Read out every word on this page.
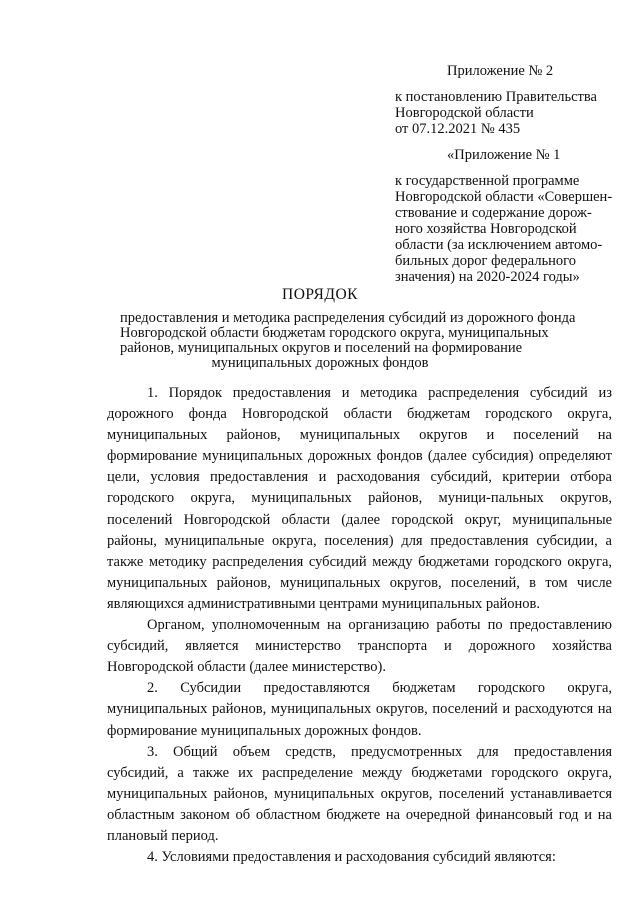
Приложение № 2
к постановлению Правительства
Новгородской области
от 07.12.2021 № 435
«Приложение № 1
к государственной программе
Новгородской области «Совершен-
ствование и содержание дорож-
ного хозяйства Новгородской
области (за исключением автомо-
бильных дорог федерального
значения) на 2020-2024 годы»
ПОРЯДОК
предоставления и методика распределения субсидий из дорожного фонда
Новгородской области бюджетам городского округа, муниципальных
районов, муниципальных округов и поселений на формирование
муниципальных дорожных фондов

1. Порядок предоставления и методика распределения субсидий из
дорожного фонда Новгородской области бюджетам городского округа,
муниципальных районов, муниципальных округов и поселений на
формирование муниципальных дорожных фондов (далее субсидия) определяют
цели, условия предоставления и расходования субсидий, критерии отбора
городского округа, муниципальных районов, муници-пальных округов,
поселений Новгородской области (далее городской округ, муниципальные
районы, муниципальные округа, поселения) для предоставления субсидии, а
также методику распределения субсидий между бюджетами городского округа,
муниципальных районов, муниципальных округов, поселений, в том числе
являющихся административными центрами муниципальных районов.

Органом, уполномоченным на организацию работы по предоставлению
субсидий, является министерство транспорта и дорожного хозяйства
Новгородской области (далее министерство).

2. Субсидии предоставляются бюджетам городского округа,
муниципальных районов, муниципальных округов, поселений и расходуются на
формирование муниципальных дорожных фондов.

3. Общий объем средств, предусмотренных для предоставления
субсидий, а также их распределение между бюджетами городского округа,
муниципальных районов, муниципальных округов, поселений устанавливается
областным законом об областном бюджете на очередной финансовый год и на
плановый период.

4. Условиями предоставления и расходования субсидий являются:
